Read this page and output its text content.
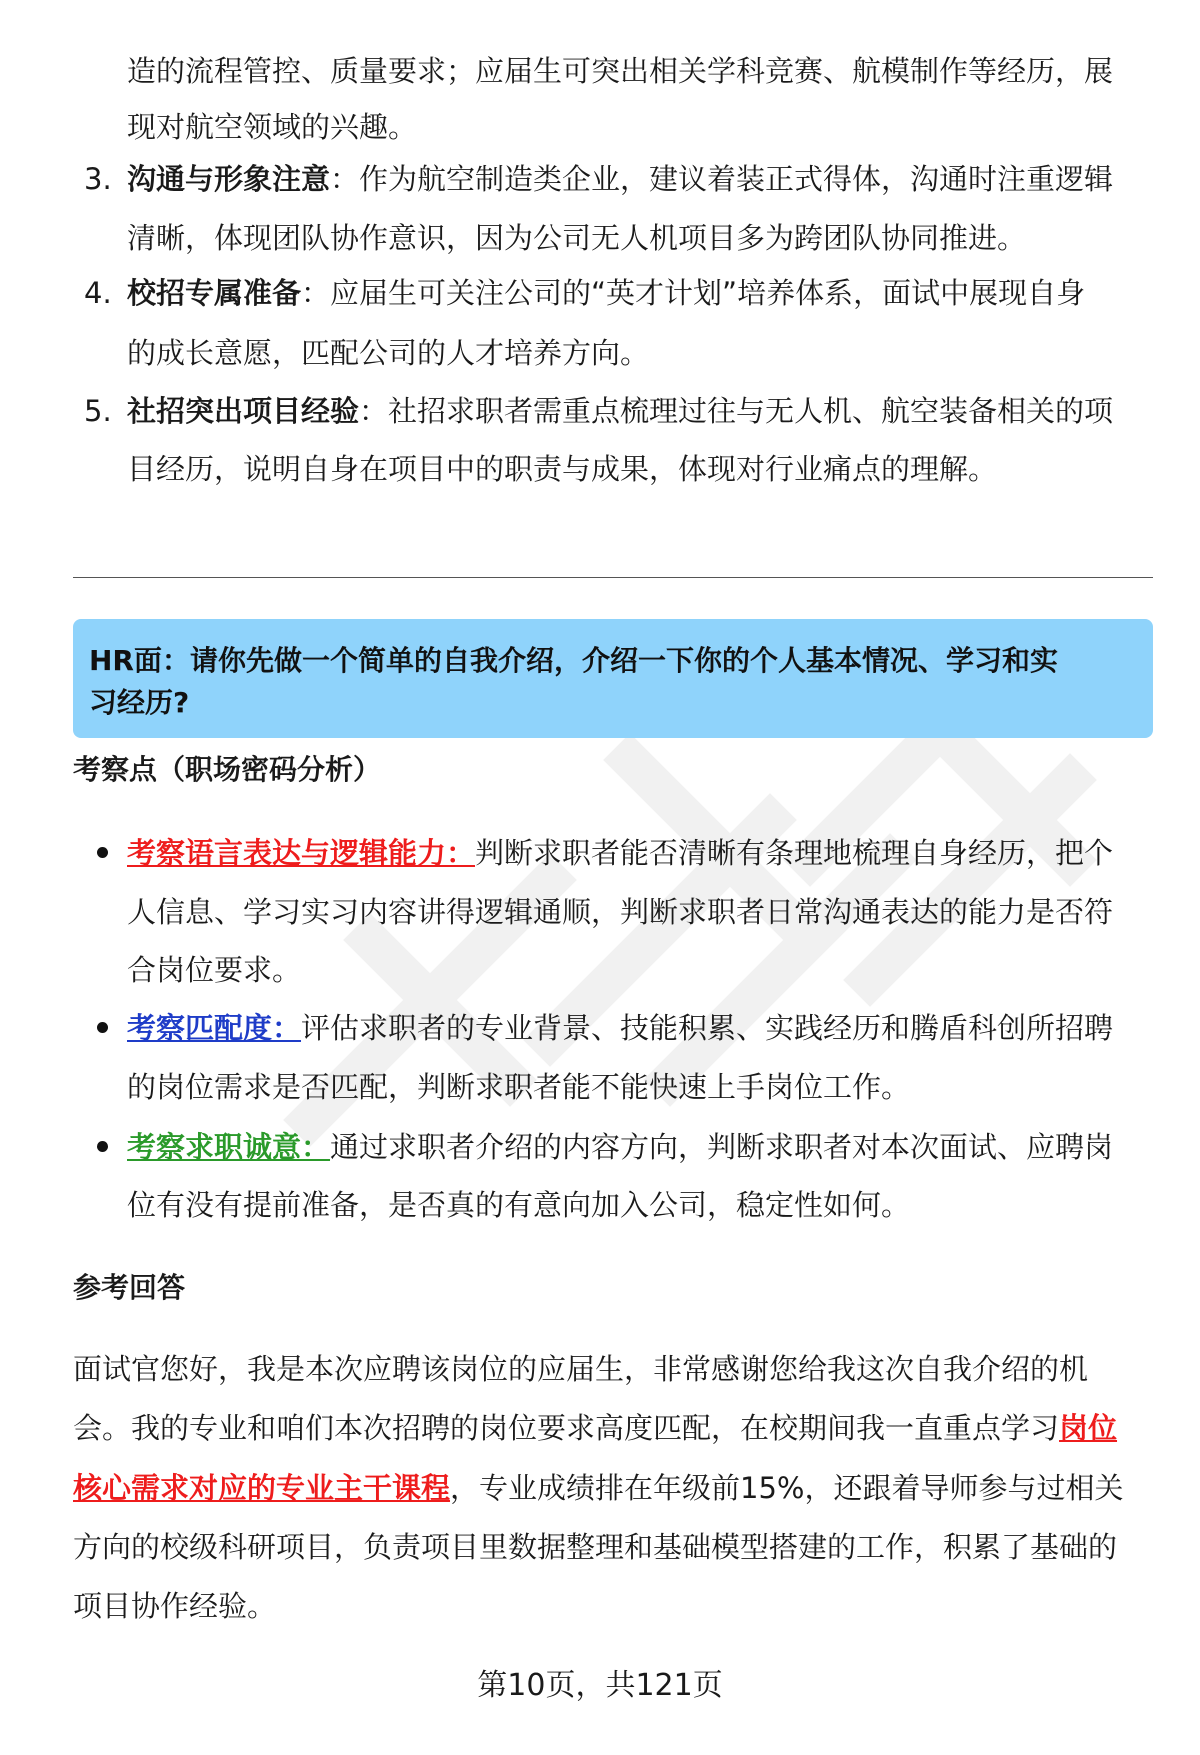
造的流程管控、质量要求；应届生可突出相关学科竞赛、航模制作等经历，展

现对航空领域的兴趣。

3. 沟通与形象注意：作为航空制造类企业，建议着装正式得体，沟通时注重逻辑

清晰，体现团队协作意识，因为公司无人机项目多为跨团队协同推进。

4. 校招专属准备：应届生可关注公司的“英才计划”培养体系，面试中展现自身

的成长意愿，匹配公司的人才培养方向。

5. 社招突出项目经验：社招求职者需重点梳理过往与无人机、航空装备相关的项

目经历，说明自身在项目中的职责与成果，体现对行业痛点的理解。

HR面：请你先做一个简单的自我介绍，介绍一下你的个人基本情况、学习和实

习经历?

考察点（职场密码分析）

考察语言表达与逻辑能力：判断求职者能否清晰有条理地梳理自身经历，把个

人信息、学习实习内容讲得逻辑通顺，判断求职者日常沟通表达的能力是否符

合岗位要求。

考察匹配度：评估求职者的专业背景、技能积累、实践经历和腾盾科创所招聘

的岗位需求是否匹配，判断求职者能不能快速上手岗位工作。

考察求职诚意：通过求职者介绍的内容方向，判断求职者对本次面试、应聘岗

位有没有提前准备，是否真的有意向加入公司，稳定性如何。

参考回答

面试官您好，我是本次应聘该岗位的应届生，非常感谢您给我这次自我介绍的机

会。我的专业和咱们本次招聘的岗位要求高度匹配，在校期间我一直重点学习岗位

核心需求对应的专业主干课程，专业成绩排在年级前15%，还跟着导师参与过相关

方向的校级科研项目，负责项目里数据整理和基础模型搭建的工作，积累了基础的

项目协作经验。

第10页，共121页
